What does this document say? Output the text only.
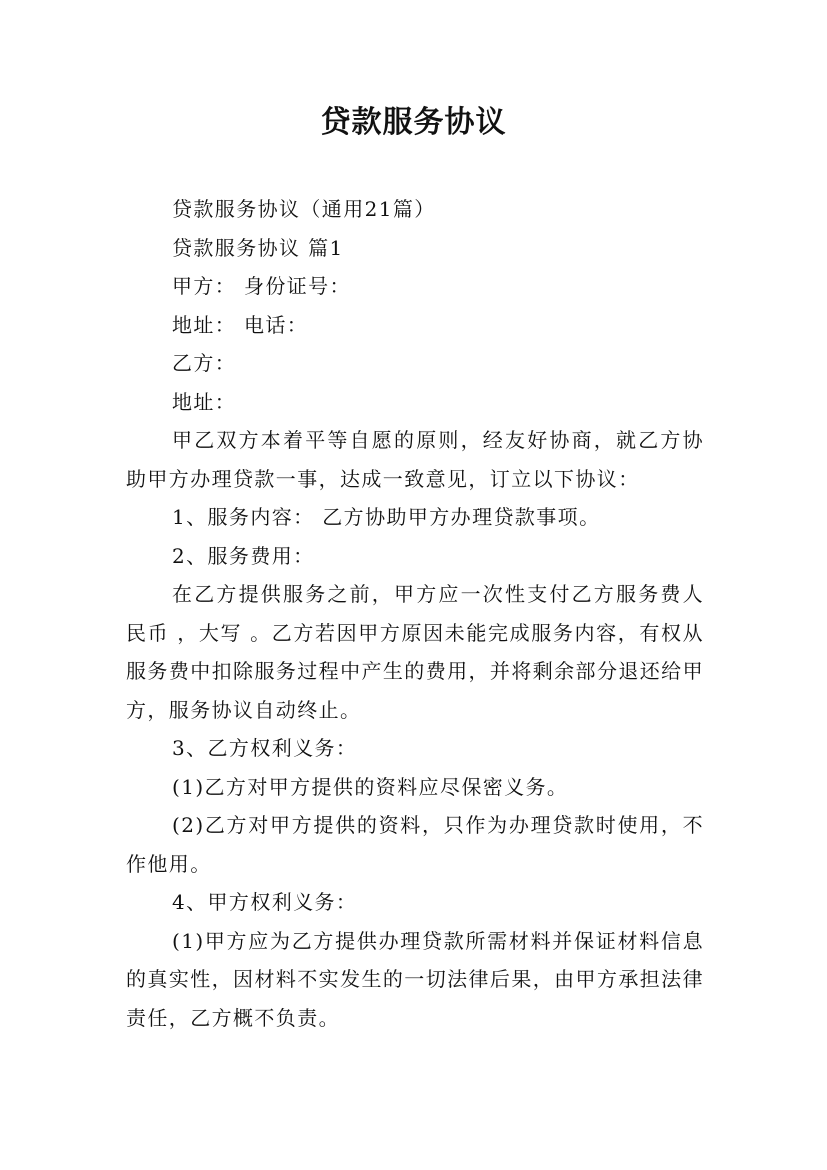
贷款服务协议

贷款服务协议（通用21篇）

贷款服务协议 篇1

甲方： 身份证号：

地址： 电话：

乙方：

地址：

甲乙双方本着平等自愿的原则，经友好协商，就乙方协助甲方办理贷款一事，达成一致意见，订立以下协议：

1、服务内容： 乙方协助甲方办理贷款事项。

2、服务费用：

在乙方提供服务之前，甲方应一次性支付乙方服务费人民币 ，大写 。乙方若因甲方原因未能完成服务内容，有权从服务费中扣除服务过程中产生的费用，并将剩余部分退还给甲方，服务协议自动终止。

3、乙方权利义务：

(1)乙方对甲方提供的资料应尽保密义务。

(2)乙方对甲方提供的资料，只作为办理贷款时使用，不作他用。

4、甲方权利义务：

(1)甲方应为乙方提供办理贷款所需材料并保证材料信息的真实性，因材料不实发生的一切法律后果，由甲方承担法律责任，乙方概不负责。
